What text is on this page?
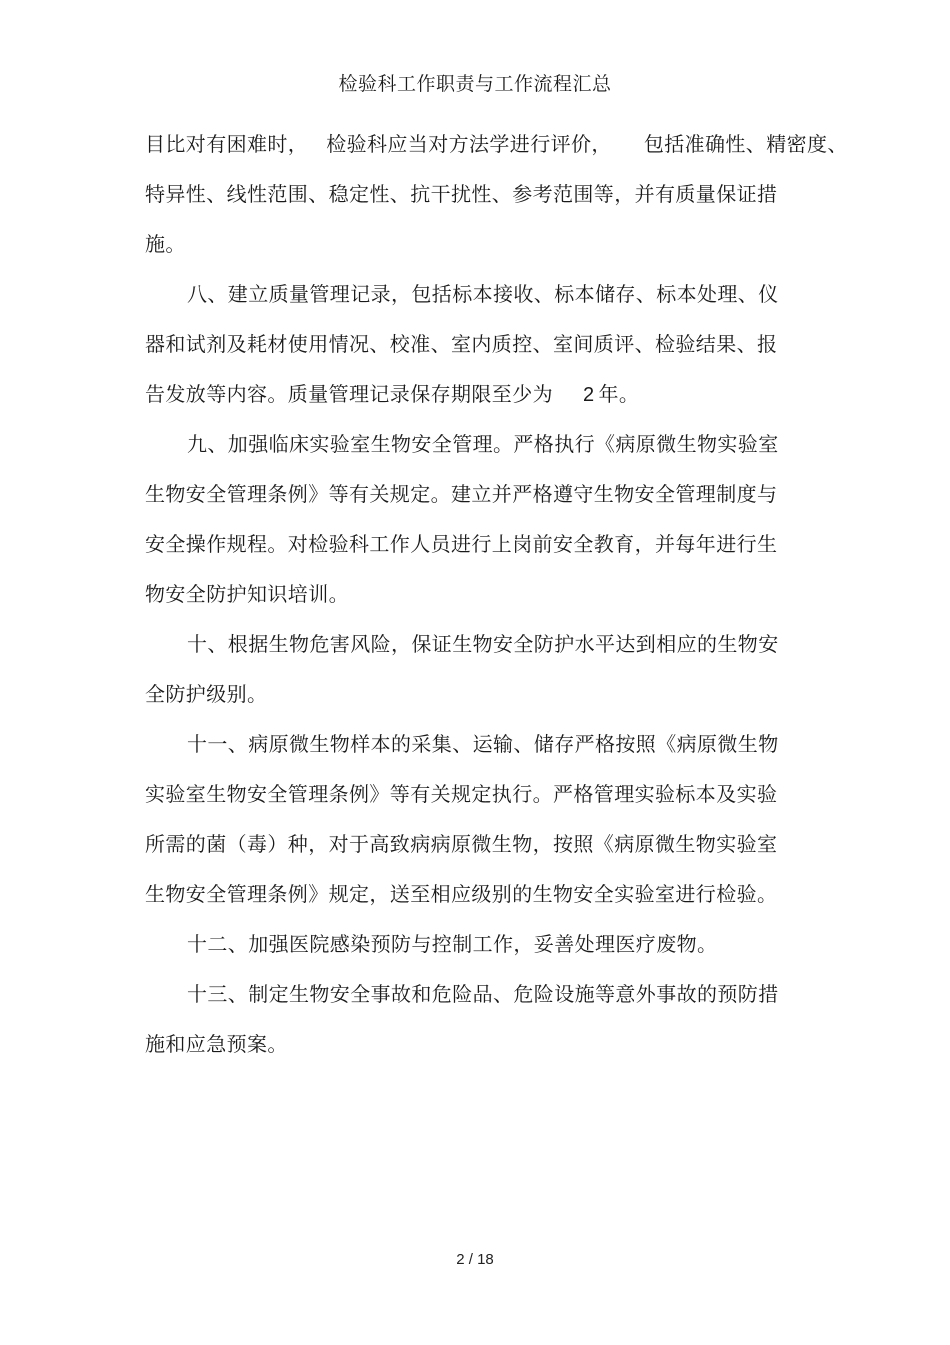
检验科工作职责与工作流程汇总
目比对有困难时， 检验科应当对方法学进行评价， 包括准确性、精密度、
特异性、线性范围、稳定性、抗干扰性、参考范围等，并有质量保证措
施。
八、建立质量管理记录，包括标本接收、标本储存、标本处理、仪
器和试剂及耗材使用情况、校准、室内质控、室间质评、检验结果、报
告发放等内容。质量管理记录保存期限至少为 2 年。
九、加强临床实验室生物安全管理。严格执行《病原微生物实验室
生物安全管理条例》等有关规定。建立并严格遵守生物安全管理制度与
安全操作规程。对检验科工作人员进行上岗前安全教育，并每年进行生
物安全防护知识培训。
十、根据生物危害风险，保证生物安全防护水平达到相应的生物安
全防护级别。
十一、病原微生物样本的采集、运输、储存严格按照《病原微生物
实验室生物安全管理条例》等有关规定执行。严格管理实验标本及实验
所需的菌（毒）种，对于高致病病原微生物，按照《病原微生物实验室
生物安全管理条例》规定，送至相应级别的生物安全实验室进行检验。
十二、加强医院感染预防与控制工作，妥善处理医疗废物。
十三、制定生物安全事故和危险品、危险设施等意外事故的预防措
施和应急预案。
2 / 18
